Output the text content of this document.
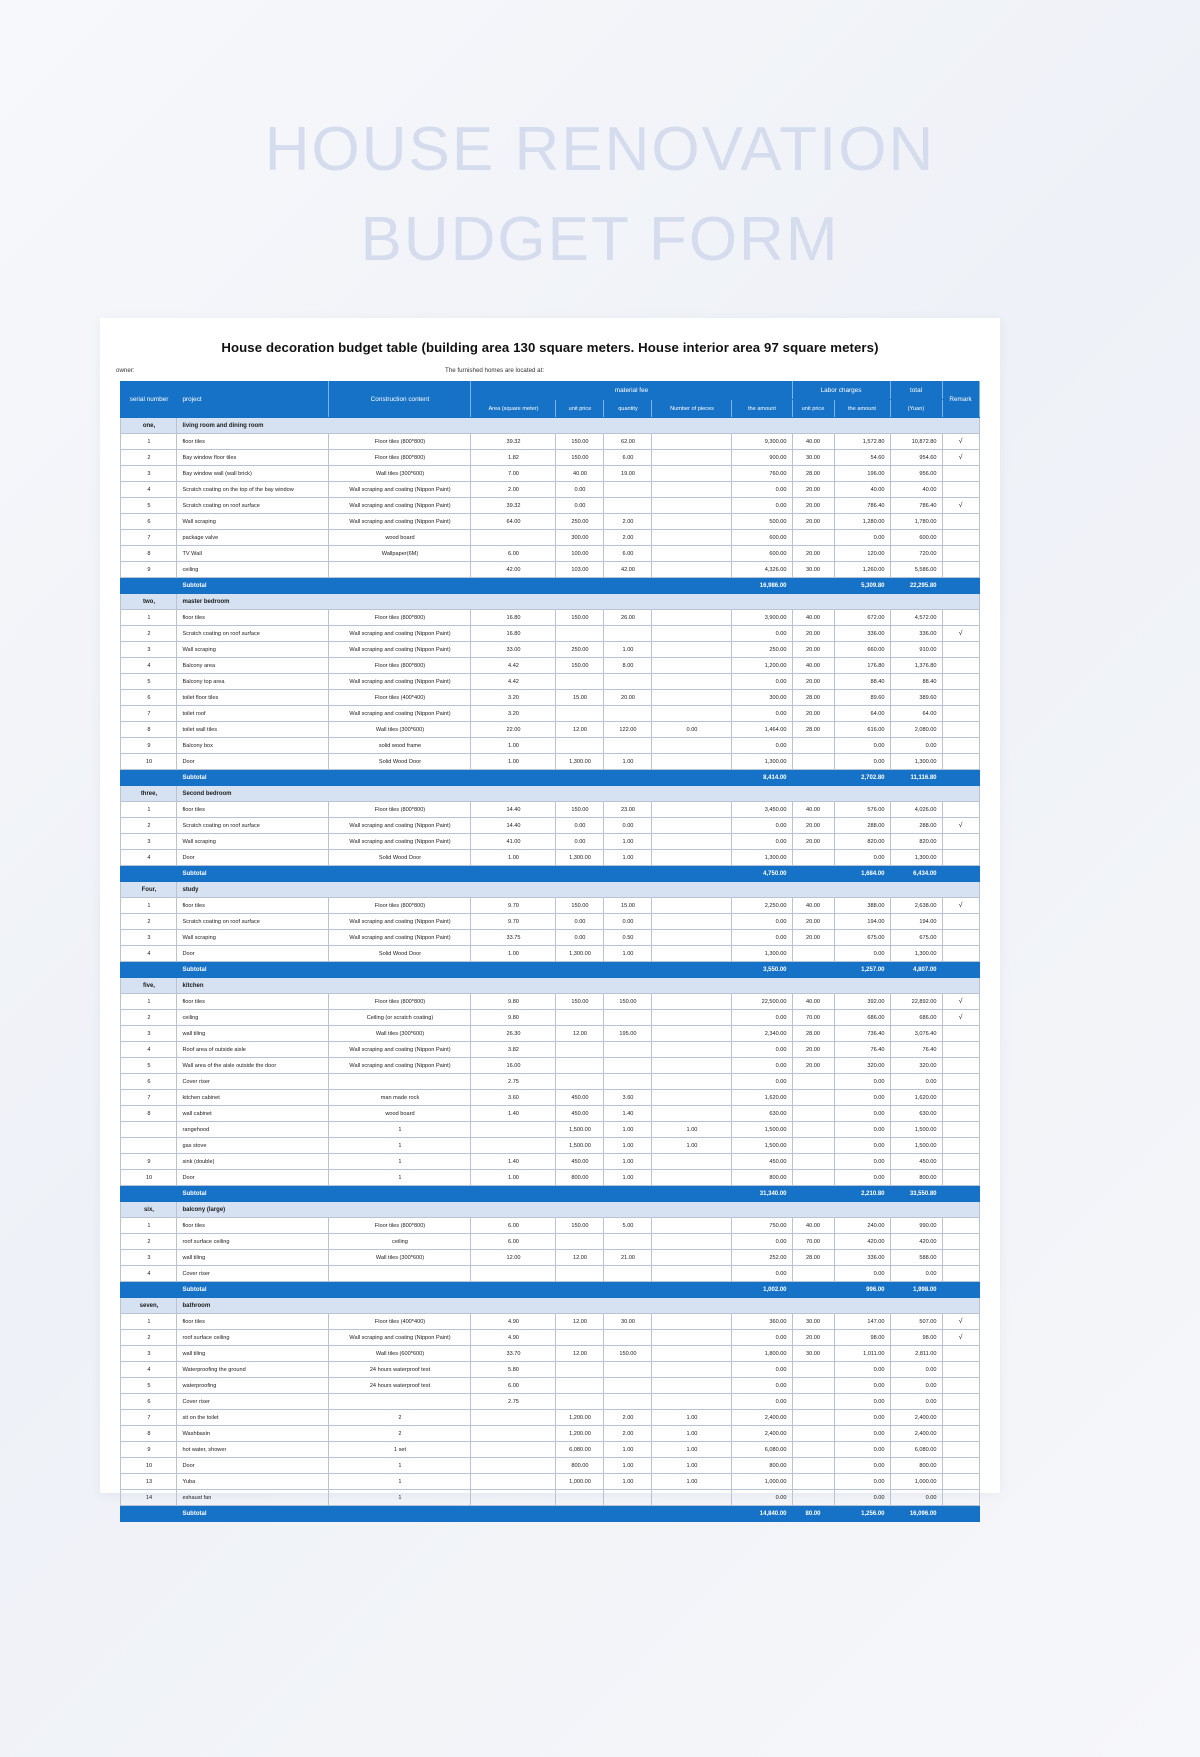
HOUSE RENOVATION
BUDGET FORM
House decoration budget table (building area 130 square meters. House interior area 97 square meters)
owner:	The furnished homes are located at:
serial number	project	Construction content	material fee					Labor charges		total	Remark
			Area (square meter)	unit price	quantity	Number of pieces	the amount	unit price	the amount	(Yuan)	
one,	living room and dining room										
1	floor tiles	Floor tiles (800*800)	39.32	150.00	62.00		9,300.00	40.00	1,572.80	10,872.80	√
2	Bay window floor tiles	Floor tiles (800*800)	1.82	150.00	6.00		900.00	30.00	54.60	954.60	√
3	Bay window wall (wall brick)	Wall tiles (300*600)	7.00	40.00	19.00		760.00	28.00	196.00	956.00	
4	Scratch coating on the top of the bay window	Wall scraping and coating (Nippon Paint)	2.00	0.00			0.00	20.00	40.00	40.00	
5	Scratch coating on roof surface	Wall scraping and coating (Nippon Paint)	39.32	0.00			0.00	20.00	786.40	786.40	√
6	Wall scraping	Wall scraping and coating (Nippon Paint)	64.00	250.00	2.00		500.00	20.00	1,280.00	1,780.00	
7	package valve	wood board		300.00	2.00		600.00		0.00	600.00	
8	TV Wall	Wallpaper(6M)	6.00	100.00	6.00		600.00	20.00	120.00	720.00	
9	ceiling		42.00	103.00	42.00		4,326.00	30.00	1,260.00	5,586.00	
	Subtotal						16,986.00		5,309.80	22,295.80	
two,	master bedroom										
1	floor tiles	Floor tiles (800*800)	16.80	150.00	26.00		3,900.00	40.00	672.00	4,572.00	
2	Scratch coating on roof surface	Wall scraping and coating (Nippon Paint)	16.80				0.00	20.00	336.00	336.00	√
3	Wall scraping	Wall scraping and coating (Nippon Paint)	33.00	250.00	1.00		250.00	20.00	660.00	910.00	
4	Balcony area	Floor tiles (800*800)	4.42	150.00	8.00		1,200.00	40.00	176.80	1,376.80	
5	Balcony top area	Wall scraping and coating (Nippon Paint)	4.42				0.00	20.00	88.40	88.40	
6	toilet floor tiles	Floor tiles (400*400)	3.20	15.00	20.00		300.00	28.00	89.60	389.60	
7	toilet roof	Wall scraping and coating (Nippon Paint)	3.20				0.00	20.00	64.00	64.00	
8	toilet wall tiles	Wall tiles (300*600)	22.00	12.00	122.00	0.00	1,464.00	28.00	616.00	2,080.00	
9	Balcony box	solid wood frame	1.00				0.00		0.00	0.00	
10	Door	Solid Wood Door	1.00	1,300.00	1.00		1,300.00		0.00	1,300.00	
	Subtotal						8,414.00		2,702.80	11,116.80	
three,	Second bedroom										
1	floor tiles	Floor tiles (800*800)	14.40	150.00	23.00		3,450.00	40.00	576.00	4,026.00	
2	Scratch coating on roof surface	Wall scraping and coating (Nippon Paint)	14.40	0.00	0.00		0.00	20.00	288.00	288.00	√
3	Wall scraping	Wall scraping and coating (Nippon Paint)	41.00	0.00	1.00		0.00	20.00	820.00	820.00	
4	Door	Solid Wood Door	1.00	1,300.00	1.00		1,300.00		0.00	1,300.00	
	Subtotal						4,750.00		1,684.00	6,434.00	
Four,	study										
1	floor tiles	Floor tiles (800*800)	9.70	150.00	15.00		2,250.00	40.00	388.00	2,638.00	√
2	Scratch coating on roof surface	Wall scraping and coating (Nippon Paint)	9.70	0.00	0.00		0.00	20.00	194.00	194.00	
3	Wall scraping	Wall scraping and coating (Nippon Paint)	33.75	0.00	0.50		0.00	20.00	675.00	675.00	
4	Door	Solid Wood Door	1.00	1,300.00	1.00		1,300.00		0.00	1,300.00	
	Subtotal						3,550.00		1,257.00	4,807.00	
five,	kitchen										
1	floor tiles	Floor tiles (800*800)	9.80	150.00	150.00		22,500.00	40.00	392.00	22,892.00	√
2	ceiling	Ceiling (or scratch coating)	9.80				0.00	70.00	686.00	686.00	√
3	wall tiling	Wall tiles (300*600)	26.30	12.00	195.00		2,340.00	28.00	736.40	3,076.40	
4	Roof area of outside aisle	Wall scraping and coating (Nippon Paint)	3.82				0.00	20.00	76.40	76.40	
5	Wall area of the aisle outside the door	Wall scraping and coating (Nippon Paint)	16.00				0.00	20.00	320.00	320.00	
6	Cover riser		2.75				0.00		0.00	0.00	
7	kitchen cabinet	man made rock	3.60	450.00	3.60		1,620.00		0.00	1,620.00	
8	wall cabinet	wood board	1.40	450.00	1.40		630.00		0.00	630.00	
	rangehood	1		1,500.00	1.00	1.00	1,500.00		0.00	1,500.00	
	gas stove	1		1,500.00	1.00	1.00	1,500.00		0.00	1,500.00	
9	sink (double)	1	1.40	450.00	1.00		450.00		0.00	450.00	
10	Door	1	1.00	800.00	1.00		800.00		0.00	800.00	
	Subtotal						31,340.00		2,210.80	33,550.80	
six,	balcony (large)										
1	floor tiles	Floor tiles (800*800)	6.00	150.00	5.00		750.00	40.00	240.00	990.00	
2	roof surface ceiling	ceiling	6.00				0.00	70.00	420.00	420.00	
3	wall tiling	Wall tiles (300*600)	12.00	12.00	21.00		252.00	28.00	336.00	588.00	
4	Cover riser						0.00		0.00	0.00	
	Subtotal						1,002.00		996.00	1,998.00	
seven,	bathroom										
1	floor tiles	Floor tiles (400*400)	4.90	12.00	30.00		360.00	30.00	147.00	507.00	√
2	roof surface ceiling	Wall scraping and coating (Nippon Paint)	4.90				0.00	20.00	98.00	98.00	√
3	wall tiling	Wall tiles (600*600)	33.70	12.00	150.00		1,800.00	30.00	1,011.00	2,811.00	
4	Waterproofing the ground	24 hours waterproof test	5.80				0.00		0.00	0.00	
5	waterproofing	24 hours waterproof test	6.00				0.00		0.00	0.00	
6	Cover riser		2.75				0.00		0.00	0.00	
7	sit on the toilet	2		1,200.00	2.00	1.00	2,400.00		0.00	2,400.00	
8	Washbasin	2		1,200.00	2.00	1.00	2,400.00		0.00	2,400.00	
9	hot water, shower	1 set		6,080.00	1.00	1.00	6,080.00		0.00	6,080.00	
10	Door	1		800.00	1.00	1.00	800.00		0.00	800.00	
13	Yuba	1		1,000.00	1.00	1.00	1,000.00		0.00	1,000.00	
14	exhaust fan	1					0.00		0.00	0.00	
	Subtotal						14,840.00	80.00	1,256.00	16,096.00	
